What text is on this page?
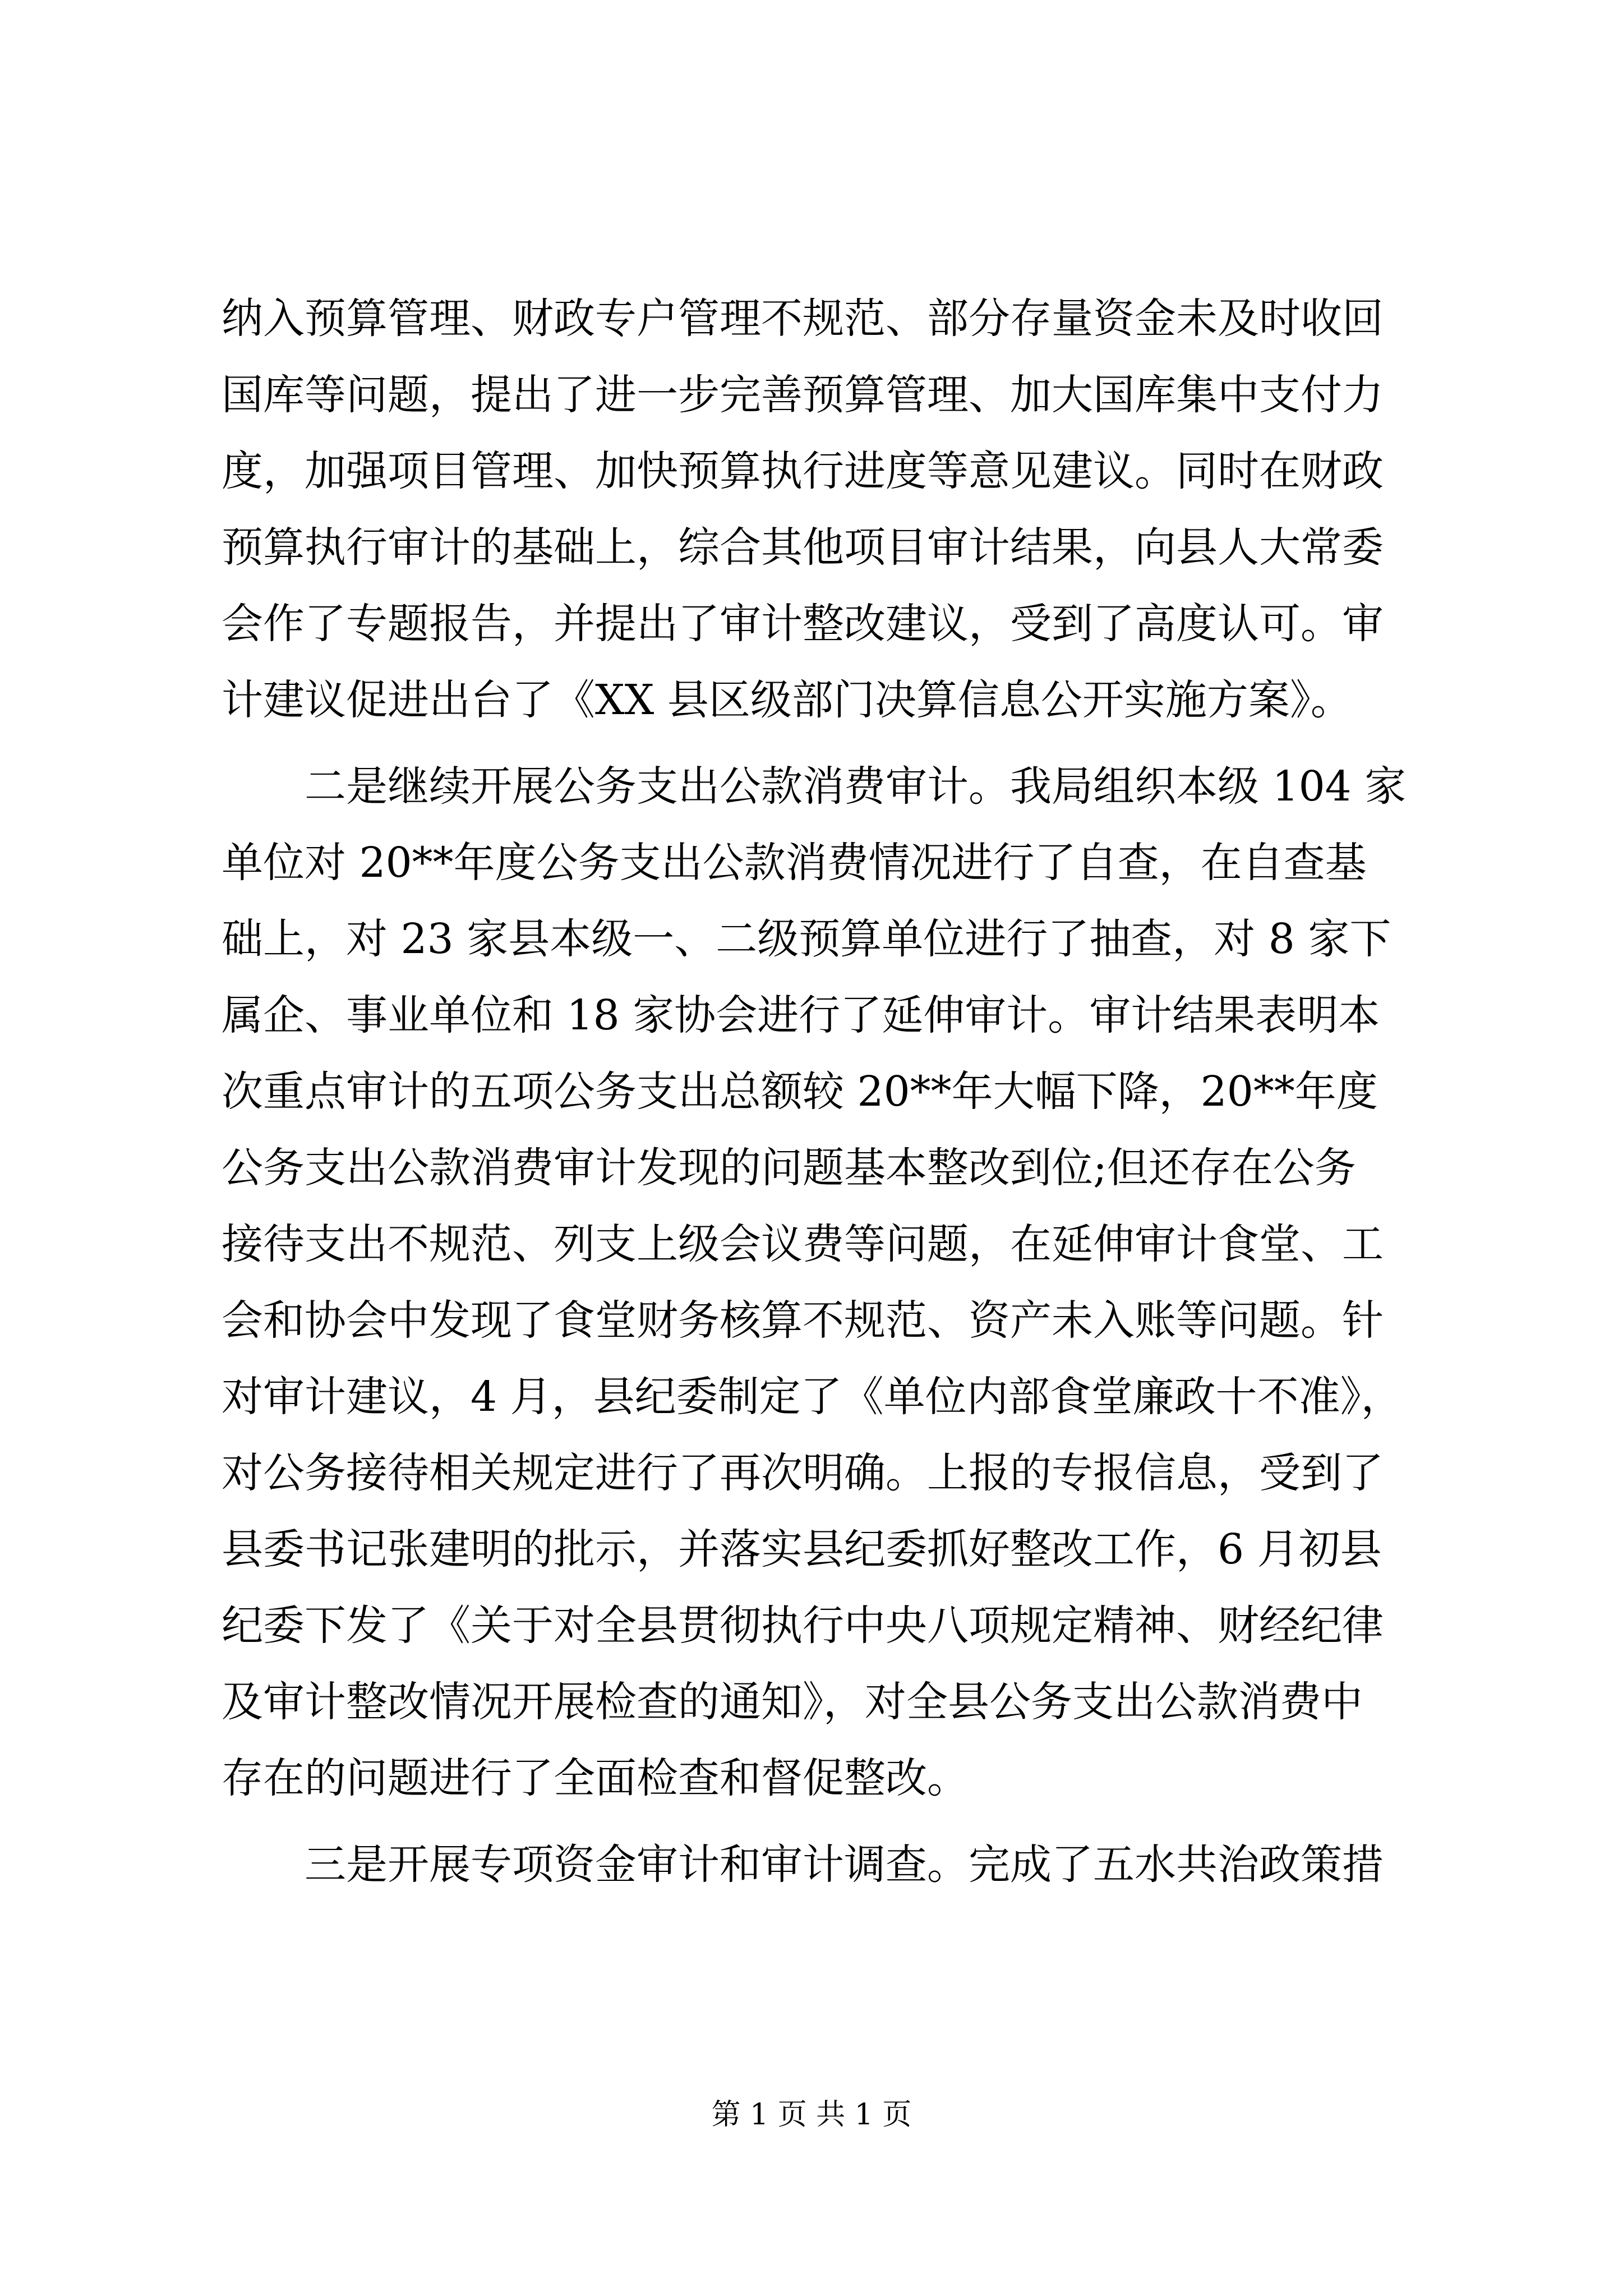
纳入预算管理、财政专户管理不规范、部分存量资金未及时收回
国库等问题，提出了进一步完善预算管理、加大国库集中支付力
度，加强项目管理、加快预算执行进度等意见建议。同时在财政
预算执行审计的基础上，综合其他项目审计结果，向县人大常委
会作了专题报告，并提出了审计整改建议，受到了高度认可。审
计建议促进出台了《XX 县区级部门决算信息公开实施方案》。
　　二是继续开展公务支出公款消费审计。我局组织本级 104 家
单位对 20**年度公务支出公款消费情况进行了自查，在自查基
础上，对 23 家县本级一、二级预算单位进行了抽查，对 8 家下
属企、事业单位和 18 家协会进行了延伸审计。审计结果表明本
次重点审计的五项公务支出总额较 20**年大幅下降，20**年度
公务支出公款消费审计发现的问题基本整改到位;但还存在公务
接待支出不规范、列支上级会议费等问题，在延伸审计食堂、工
会和协会中发现了食堂财务核算不规范、资产未入账等问题。针
对审计建议，4 月，县纪委制定了《单位内部食堂廉政十不准》，
对公务接待相关规定进行了再次明确。上报的专报信息，受到了
县委书记张建明的批示，并落实县纪委抓好整改工作，6 月初县
纪委下发了《关于对全县贯彻执行中央八项规定精神、财经纪律
及审计整改情况开展检查的通知》，对全县公务支出公款消费中
存在的问题进行了全面检查和督促整改。
　　三是开展专项资金审计和审计调查。完成了五水共治政策措
第 1 页 共 1 页
